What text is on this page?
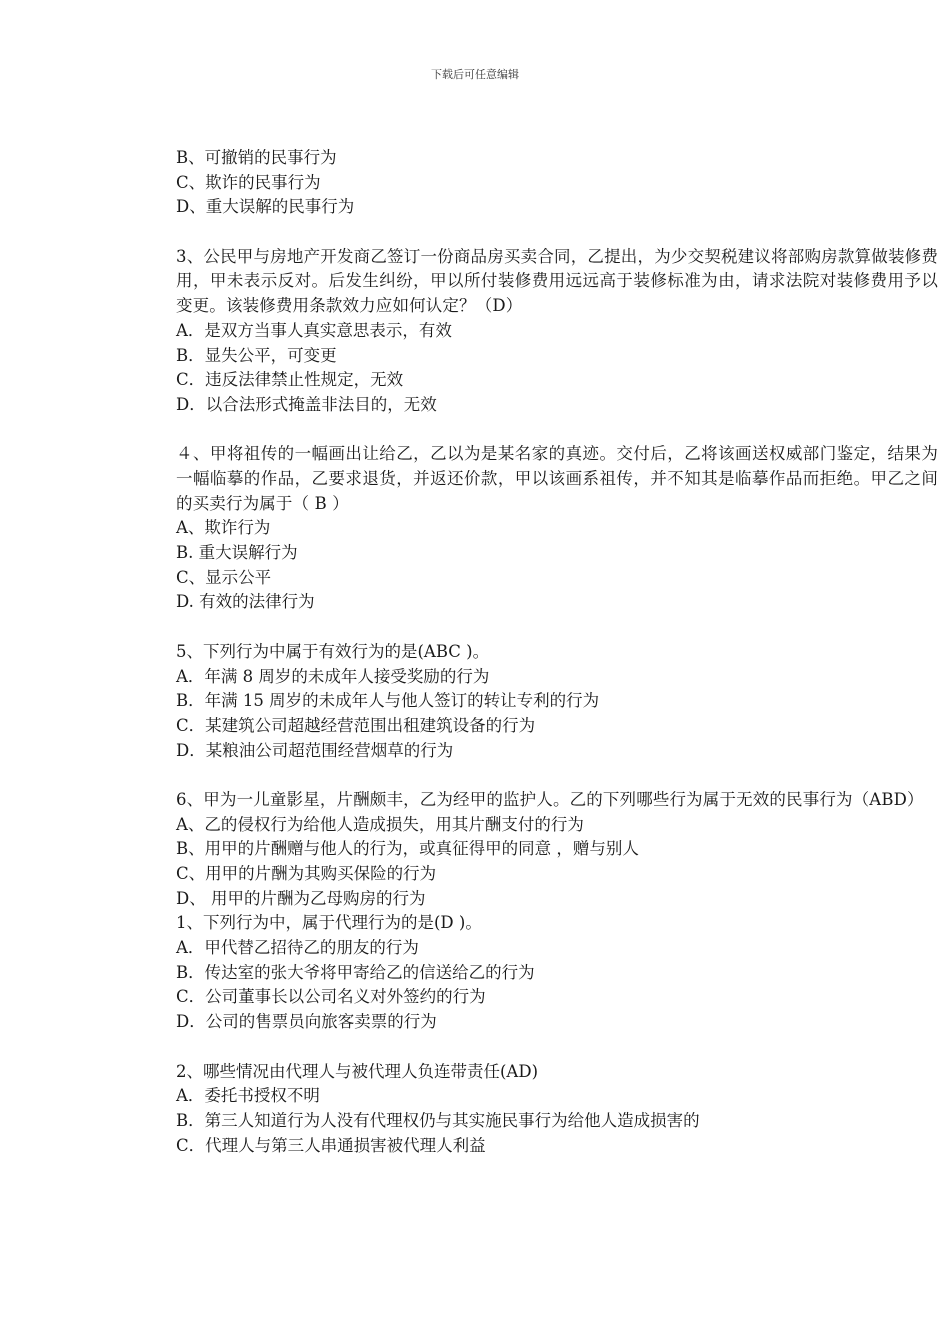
下载后可任意编辑
B、可撤销的民事行为
C、欺诈的民事行为
D、重大误解的民事行为
3、公民甲与房地产开发商乙签订一份商品房买卖合同，乙提出，为少交契税建议将部购房款算做装修费用，甲未表示反对。后发生纠纷，甲以所付装修费用远远高于装修标准为由，请求法院对装修费用予以变更。该装修费用条款效力应如何认定？（D）
A．是双方当事人真实意思表示，有效
B．显失公平，可变更
C．违反法律禁止性规定，无效
D．以合法形式掩盖非法目的，无效
４、甲将祖传的一幅画出让给乙，乙以为是某名家的真迹。交付后，乙将该画送权威部门鉴定，结果为一幅临摹的作品，乙要求退货，并返还价款，甲以该画系祖传，并不知其是临摹作品而拒绝。甲乙之间的买卖行为属于（ B ）
A、欺诈行为
B. 重大误解行为
C、显示公平
D. 有效的法律行为
5、下列行为中属于有效行为的是(ABC )。
A．年满 8 周岁的未成年人接受奖励的行为
B．年满 15 周岁的未成年人与他人签订的转让专利的行为
C．某建筑公司超越经营范围出租建筑设备的行为
D．某粮油公司超范围经营烟草的行为
6、甲为一儿童影星，片酬颇丰，乙为经甲的监护人。乙的下列哪些行为属于无效的民事行为（ABD）
A、乙的侵权行为给他人造成损失，用其片酬支付的行为
B、用甲的片酬赠与他人的行为，或真征得甲的同意 ，赠与别人
C、用甲的片酬为其购买保险的行为
D、 用甲的片酬为乙母购房的行为
1、下列行为中，属于代理行为的是(D )。
A．甲代替乙招待乙的朋友的行为
B．传达室的张大爷将甲寄给乙的信送给乙的行为
C．公司董事长以公司名义对外签约的行为
D．公司的售票员向旅客卖票的行为
2、哪些情况由代理人与被代理人负连带责任(AD)
A．委托书授权不明
B．第三人知道行为人没有代理权仍与其实施民事行为给他人造成损害的
C．代理人与第三人串通损害被代理人利益
